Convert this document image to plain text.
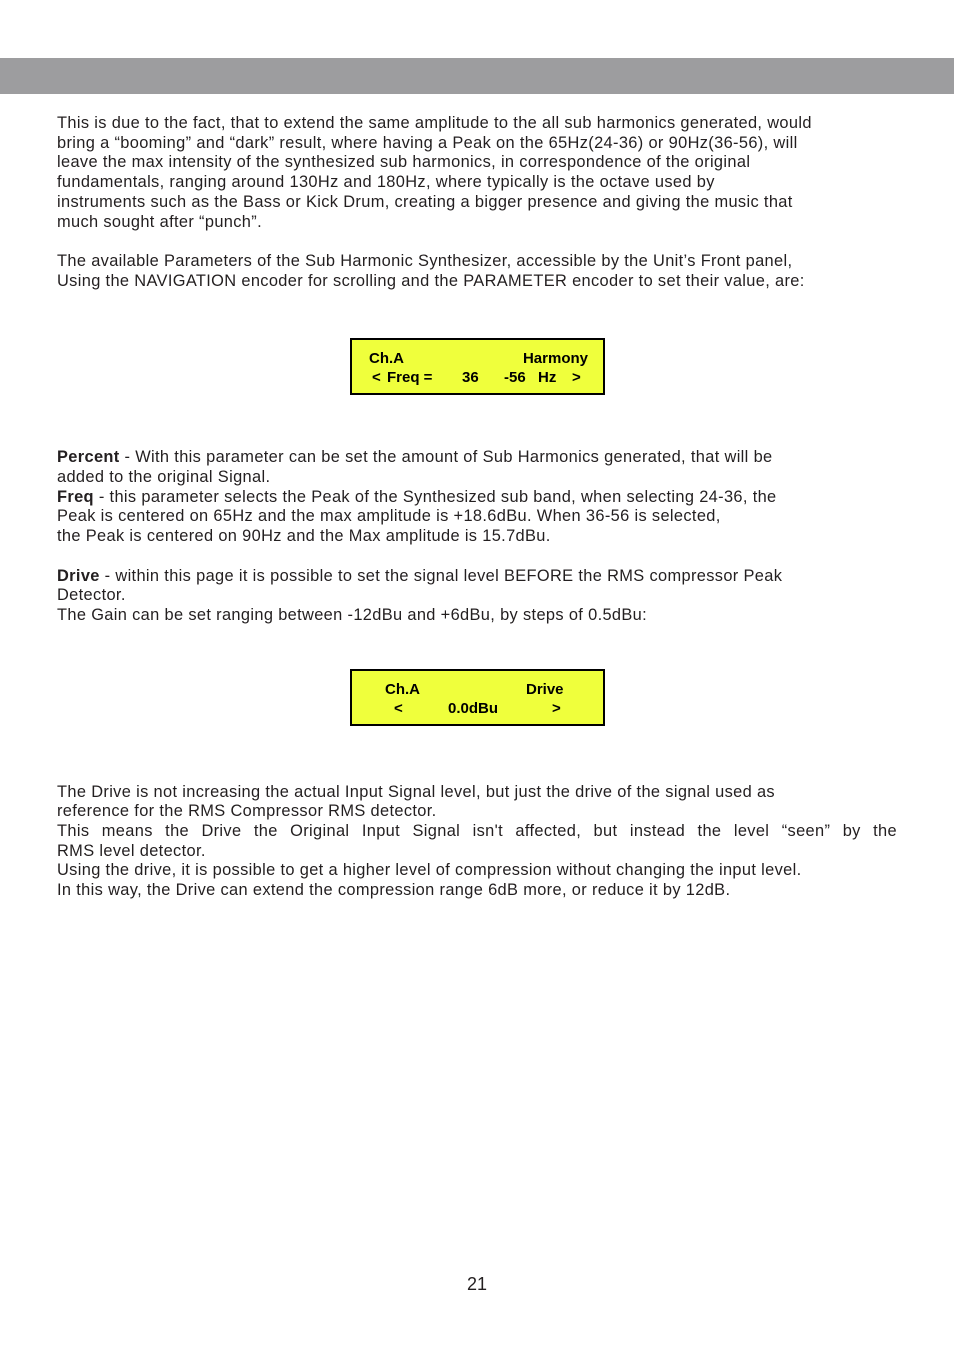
This is due to the fact, that to extend the same amplitude to the all sub harmonics generated, would
bring a “booming” and “dark” result, where having a Peak on the 65Hz(24-36) or 90Hz(36-56), will
leave the max intensity of the synthesized sub harmonics, in correspondence of the original
fundamentals, ranging around 130Hz and 180Hz, where typically is the octave used by
instruments such as the Bass or Kick Drum, creating a bigger presence and giving the music that
much sought after “punch”.

The available Parameters of the Sub Harmonic Synthesizer, accessible by the Unit’s Front panel,
Using the NAVIGATION encoder for scrolling and the PARAMETER encoder to set their value, are:

Percent - With this parameter can be set the amount of Sub Harmonics generated, that will be
added to the original Signal.

Freq - this parameter selects the Peak of the Synthesized sub band, when selecting 24-36, the
Peak is centered on 65Hz and the max amplitude is +18.6dBu. When 36-56 is selected,
the Peak is centered on 90Hz and the Max amplitude is 15.7dBu.

Drive - within this page it is possible to set the signal level BEFORE the RMS compressor Peak
Detector.
The Gain can be set ranging between -12dBu and +6dBu, by steps of 0.5dBu:

The Drive is not increasing the actual Input Signal level, but just the drive of the signal used as
reference for the RMS Compressor RMS detector.
This means the Drive the Original Input Signal isn't affected, but instead the level “seen” by the
RMS level detector.
Using the drive, it is possible to get a higher level of compression without changing the input level.
In this way, the Drive can extend the compression range 6dB more, or reduce it by 12dB.

Ch.A	Harmony
< Freq = 36 -56 Hz >
Ch.A	Drive
<	0.0dBu	>
21
